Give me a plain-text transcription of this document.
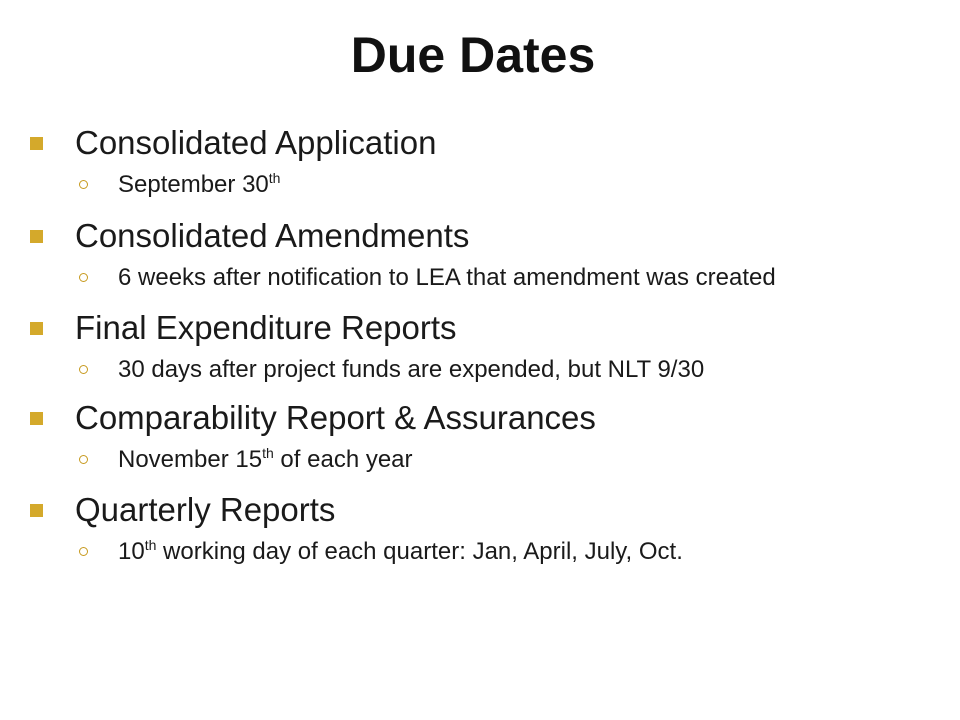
Due Dates
Consolidated Application
September 30th
Consolidated Amendments
6 weeks after notification to LEA that amendment was created
Final Expenditure Reports
30 days after project funds are expended, but NLT 9/30
Comparability Report & Assurances
November 15th of each year
Quarterly Reports
10th working day of each quarter: Jan, April, July, Oct.
